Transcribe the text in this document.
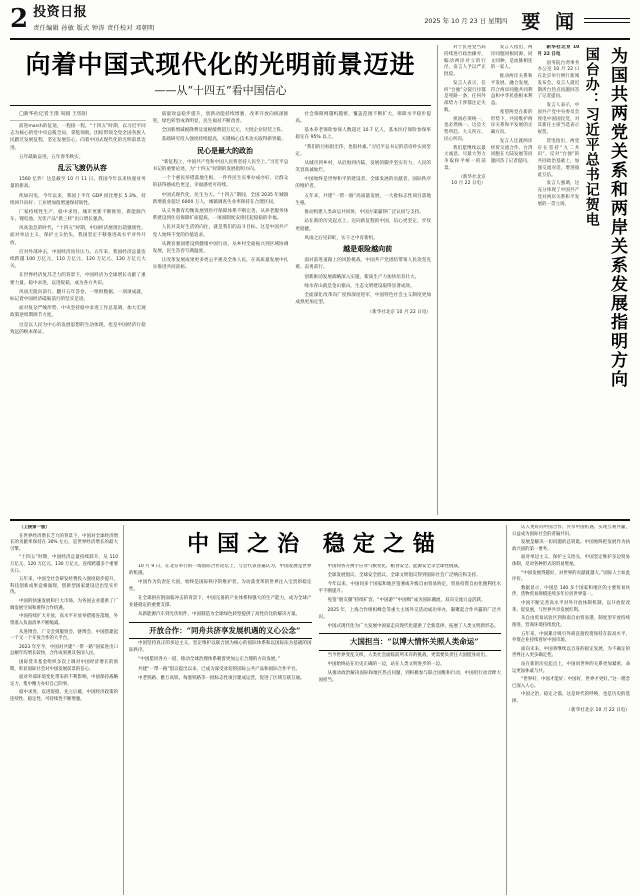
2 投资日报
责任编辑 孙敏 版式 钟涛 责任校对 邓朝明
2025 年 10 月 23 日 星期四 要 闻
向着中国式现代化的光明前景迈进
——从“十四五”看中国信心

□新华社记者王雨 周圆 王恒阳

前进march的征途，一程接一程。“十四五”时期，以习近平同志为核心的党中央总揽全局，掌舵领航，团结带领全党全国各族人民踏过发展征程，坚定发展信心，向着中国式现代化的光明前景迈进。

五年砥砺奋进，五年春华秋实。

乱云飞渡仍从容

1560 亿件！这是截至 10 月 11 日，我国今年以来快递业务量的新高。

疾如闪电，今年以来，我国上半年 GDP 同比增长 5.3%，持续回升向好；工业增加值增速保持韧性。

厂家持续性生产，稳中求进。城市更新不断推进，新能源汽车、锂电池、光伏产品“新三样”出口增长强劲。

风高浪急的时代，“十四五”时期，中国经济展现出超强韧性。面对单边主义、保护主义抬头，我国坚定不移推进高水平对外开放。

应对外部冲击，中国经济顶住压力。五年来，我国经济总量连续跨越 100 万亿元、110 万亿元、120 万亿元、130 万亿元大关。

在世界经济复苏乏力的背景下，中国经济为全球增长贡献了重要力量。稳中求进，以进促稳，成为各方共识。

风雨无阻向前行。翻开五年答卷，一组组数据、一项项成就，标记着中国经济砥砺前行的坚实足迹。

面对复杂严峻形势，中央坚持稳中求进工作总基调，加大宏观政策逆周期调节力度。

这是以人民为中心的发展思想的生动体现，也是中国经济行稳致远的根本保证。

质量效益稳步提升，创新动能持续增强，改革开放向纵深推进，绿色转型成效明显，民生福祉不断改善。

全国新增减税降费及退税缓费超万亿元，大批企业轻装上阵。

基础研究投入强度持续提高，关键核心技术攻关取得新突破。

民心是最大的政治

“新征程上，中国共产党和中国人民将坚持人民至上。”习近平总书记的重要论述，为“十四五”时期的发展指明方向。

一个个惠民举措落地生根，一件件民生实事办成办好，让群众的获得感成色更足、幸福感更可持续。

中国式现代化，民生为大。“十四五”期间，全国 2035 年城镇新增就业超过 6000 万人，城镇调查失业率保持在合理区间。

从义务教育均衡发展到医疗保障体系不断完善，从养老服务体系建设到住房保障扩面提质，一项项制度安排托起稳稳的幸福。

人民对美好生活的向往，就是我们的奋斗目标。这是中国共产党人始终不变的价值追求。

从教育强国建设到健康中国行动，从乡村全面振兴到区域协调发展，民生答卷写满温度。

让改革发展成果更多更公平惠及全体人民，在高质量发展中扎实推进共同富裕。

社会保障网越织越密，覆盖范围不断扩大，保障水平稳步提高。

基本养老保险参保人数超过 10.7 亿人，基本医疗保险参保率稳定在 95% 以上。

“我们的目标很宏伟，也很朴素。”习近平总书记的话语朴实而坚定。

从城市到乡村，从沿海到内陆，发展的脚步坚实有力，人民的笑容真诚灿烂。

中国始终是世界和平的建设者、全球发展的贡献者、国际秩序的维护者。

五年来，共建“一带一路”高质量发展，一大批标志性项目落地生根。

推动构建人类命运共同体，中国方案赢得广泛认同与支持。

站在新的历史起点上，迈向新征程的中国，信心更坚定、步伐更稳健。

风雨之后见彩虹，实干之中育新机。

越是艰险越向前

面对前进道路上的风险挑战，中国共产党团结带领人民攻坚克难、奋勇前行。

创新驱动发展战略深入实施，新质生产力加快培育壮大。

绿水青山就是金山银山，生态文明建设取得显著成效。

全面深化改革向广度和深度进军，中国特色社会主义制度更加成熟更加定型。

（新华社北京 10 月 22 日电）	为国共两党关系和两岸关系发展指明方向
国台办：习近平总书记贺电

新华社北京 10 月 22 日电

国务院台湾事务办公室 10 月 22 日在北京举行例行新闻发布会。发言人就近期涉台热点问题回答了记者提问。

发言人表示，中国共产党中央委员会致电中国国民党，对其新任主席当选表示祝贺。

贺电指出，两党应在坚持“九二共识”、反对“台独”的共同政治基础上，加强交流对话，增进彼此互信。

发言人强调，这充分体现了中国共产党对两岸关系和平发展的一贯立场。

发言人指出，两岸同胞同根同源、同文同种，是血脉相连的一家人。

推动两岸关系和平发展、融合发展，符合两岸同胞共同利益和中华民族根本利益。

希望两党在新的形势下，共同维护两岸关系和平发展的正确方向。

发言人还就两岸经贸交流合作、台湾同胞在大陆发展等问题回答了记者提问。

对于民进党当局持续进行政治操弄、煽动两岸对立的行径，发言人予以严正批驳。

发言人表示，任何“台独”分裂行径都是死路一条，任何外部势力干涉都注定失败。

祖国必须统一，也必然统一。这是大势所趋、大义所在、民心所向。

我们愿继续以最大诚意、尽最大努力争取和平统一的前景。

（新华社北京 10 月 22 日电）

（上接第一版）

在世界经济增长乏力的背景下，中国对全球经济增长的贡献率保持在 30% 左右，是世界经济增长的最大引擎。

“十四五”时期，中国经济总量持续跃升，从 110 万亿元、120 万亿元、130 万亿元，连续跨越多个重要关口。

五年来，中国全社会研发经费投入强度稳步提升，科技创新成果竞相涌现，创新型国家建设迈出坚实步伐。

中国的快速发展和巨大市场，为各国企业提供了广阔发展空间和难得合作机遇。

中国持续扩大开放，高水平开放举措接连落地，外资准入负面清单不断缩减。

从进博会、广交会到服贸会、链博会，中国搭建起一个又一个开放合作的大平台。

2023 年至今，中国对共建“一带一路”国家进出口总额年均增长较快，合作成果惠及各国人民。

国际货币基金组织多次上调对中国经济增长的预期，彰显国际社会对中国发展前景的信心。

面对外部环境变化带来的不利影响，中国保持战略定力，集中精力办好自己的事。

稳中求进、以进促稳、先立后破，中国经济政策的连续性、稳定性、可持续性不断增强。

中国之治 稳定之锚

10 月 9 日，在北京举行的一场国际合作论坛上，与会代表普遍认为，中国发展是世界的机遇。

中国作为负责任大国，始终是国际秩序的维护者，为动荡变革的世界注入宝贵的稳定性。

在全球供应链面临冲击的背景下，中国完备的产业体系和强大的生产能力，成为全球产业链稳定的重要支撑。

从新能源汽车到光伏组件，中国制造为全球绿色转型提供了高性价比的解决方案。

开放合作：“同舟共济享发展机遇的义心公念”

中国坚持真正的多边主义，坚定维护以联合国为核心的国际体系和以国际法为基础的国际秩序。

“中国愿同各方一道，推动全球治理体系朝着更加公正合理的方向发展。”

共建“一带一路”倡议提出以来，已成为深受欢迎的国际公共产品和国际合作平台。

中老铁路、雅万高铁、匈塞铁路等一批标志性项目建成运营，促进了区域互联互通。

中国同各方携手应对气候变化、粮食安全、能源安全等全球性挑战。

全球发展倡议、全球安全倡议、全球文明倡议得到国际社会广泛响应和支持。

今年以来，中国同多个国家和地区签署或升级自由贸易协定，贸易投资自由化便利化水平不断提升。

免签“朋友圈”持续扩容，“中国游”“中国购”成为国际潮流，双向交流日益活跃。

2025 年，上海合作组织峰会等重大主场外交活动成功举办，凝聚起合作共赢的广泛共识。

中国式现代化为广大发展中国家走向现代化提供了全新选择，拓展了人类文明新形态。

大国担当：“以博大情怀关照人类命运”

当今世界变乱交织，人类社会面临前所未有的挑战，更需要负责任大国挺身而出。

中国始终站在历史正确的一边，站在人类文明进步的一边。

从推动政治解决国际和地区热点问题，到积极参与联合国维和行动，中国用行动诠释大国担当。

认人更好同中国合作、共享中国机遇、实现互利共赢，日益成为国际社会的普遍共识。

发展是解决一切问题的总钥匙。中国始终把发展作为执政兴国的第一要务。

面对单边主义、保护主义抬头，中国坚定维护多边贸易体制，反对各种形式的贸易壁垒。

“中国发展得越好，对世界的贡献就越大。”国际人士如此评价。

数据显示，中国是 140 多个国家和地区的主要贸易伙伴，货物贸易规模连续多年位居世界第一。

中国不断完善高水平对外开放体制机制，以开放促改革、促发展，与世界共享发展红利。

从自由贸易试验区到海南自由贸易港，制度型开放持续推进，营商环境持续优化。

五年来，中国累计吸引外商直接投资保持在较高水平，外资企业持续看好中国市场。

面向未来，中国将继续以自身的稳定发展，为不确定的世界注入更多确定性。

站在新的历史起点上，中国同世界的关系更加紧密，命运更加休戚与共。

“世界好，中国才能好；中国好，世界才更好。”这一理念已深入人心。

中国之治，稳定之锚。这是时代的呼唤，也是历史的选择。

（新华社北京 10 月 22 日电）
